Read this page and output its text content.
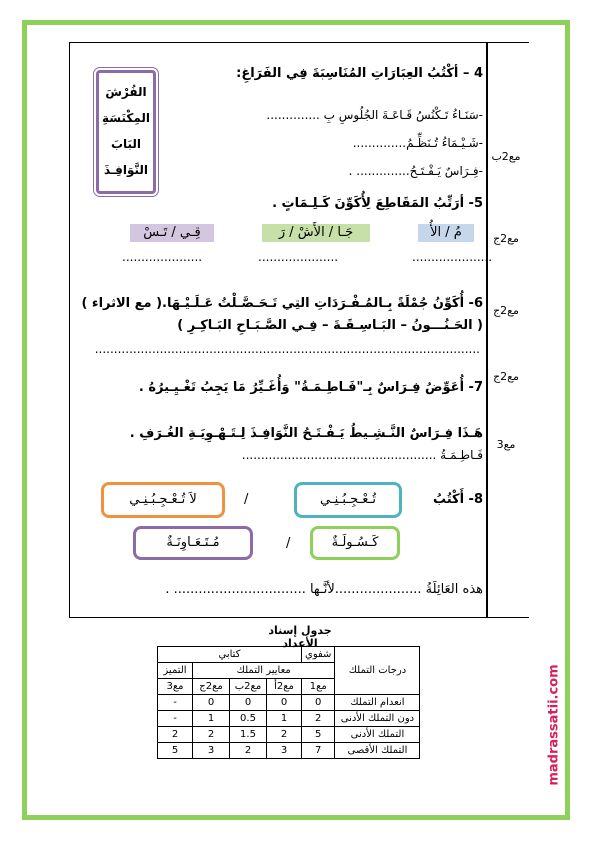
مع2ب
مع2ج
مع2ج
مع2ج
مع3
4 – أكْتُبُ العِبَارَاتِ المُنَاسِبَةَ فِي الفَرَاغِ:
-سَنَـاءُ تَـكْنُسُ قَـاعَـةَ الجُلُوسِ بِ ..............
-شَـيْـمَاءُ تُـنَظِّـمُ..............
-فِـرَاسٌ يَـفْـتَـحُ.............. .
الفُرْشَ
المِكْنَسَةِ
البَابَ
النَّوَافِـذَ
5- أرَتِّبُ المَقَاطِعَ لِأُكَوِّنَ كَـلِـمَاتٍ .
مُ / الأُ
جَـا / الأَشْ / رَ
قِـي / تَـسْ
.....................
.....................
.....................
6- أُكَوِّنُ جُمْلَةً بِـالمُـفْـرَدَاتِ التِي تَـحَـصَّـلْتُ عَـلَـيْـهَا.( مع الاثراء )
( الحَـنُـــونُ – البَـاسِـقَـةَ – فِـي الصَّـبَـاحِ البَـاكِـرِ )
.....................................................................................................
7- أُعَوِّضُ فِـرَاسٌ بِـ"فَـاطِـمَـةُ" وَأُغَـيِّرُ مَا يَجِبُ تَغْـيِـيرُهُ .
هَـذَا فِـرَاسٌ النَّـشِـيطُ يَـفْـتَـحُ النَّوَافِـذَ لِـتَـهْـوِيَـةِ الغُـرَفِ .
فَـاطِـمَـةُ ...................................................
8- أَكْتُبُ
تُـعْـجِـبُـنِـي
/
لاَ تُـعْـجِـبُـنِـي
كَـسُـولَـةٌ
/
مُـتَـعَـاوِنَـةٌ
هذه العَائِلَةُ .....................لأنَّـها ................................ .
جدول إسناد الأعداد
درجات التملك	شفوي	كتابي			
	معايير التملك				التميز
	مع1	مع2أ	مع2ب	مع2ج	مع3
انعدام التملك	0	0	0	0	-
دون التملك الأدنى	2	1	0.5	1	-
التملك الأدنى	5	2	1.5	2	2
التملك الأقصى	7	3	2	3	5	madrassatii.com
